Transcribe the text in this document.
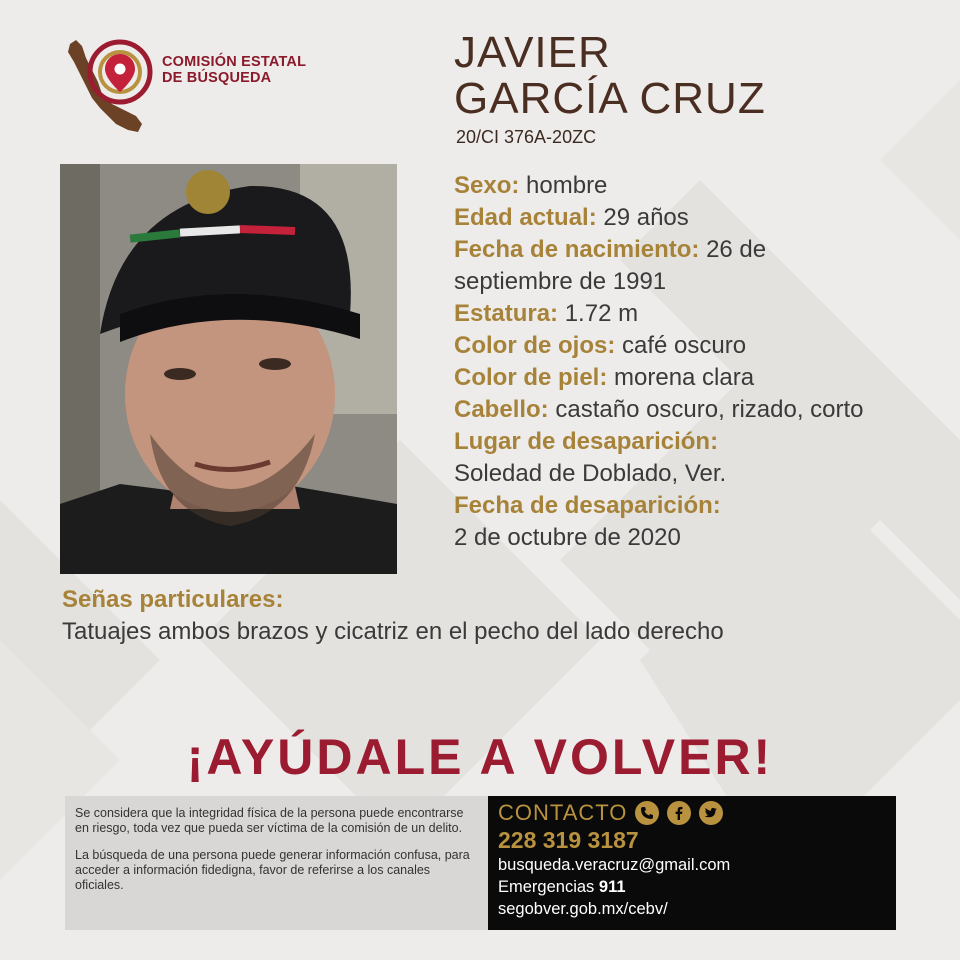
COMISIÓN ESTATAL
DE BÚSQUEDA
JAVIER
GARCÍA CRUZ
20/CI 376A-20ZC
Sexo: hombre
Edad actual: 29 años
Fecha de nacimiento: 26 de
septiembre de 1991
Estatura: 1.72 m
Color de ojos: café oscuro
Color de piel: morena clara
Cabello: castaño oscuro, rizado, corto
Lugar de desaparición:
Soledad de Doblado, Ver.
Fecha de desaparición:
2 de octubre de 2020
Señas particulares:
Tatuajes ambos brazos y cicatriz en el pecho del lado derecho
¡AYÚDALE A VOLVER!

Se considera que la integridad física de la persona puede encontrarse en riesgo, toda vez que pueda ser víctima de la comisión de un delito.

La búsqueda de una persona puede generar información confusa, para acceder a información fidedigna, favor de referirse a los canales oficiales.

CONTACTO
228 319 3187
busqueda.veracruz@gmail.com
Emergencias 911
segobver.gob.mx/cebv/
